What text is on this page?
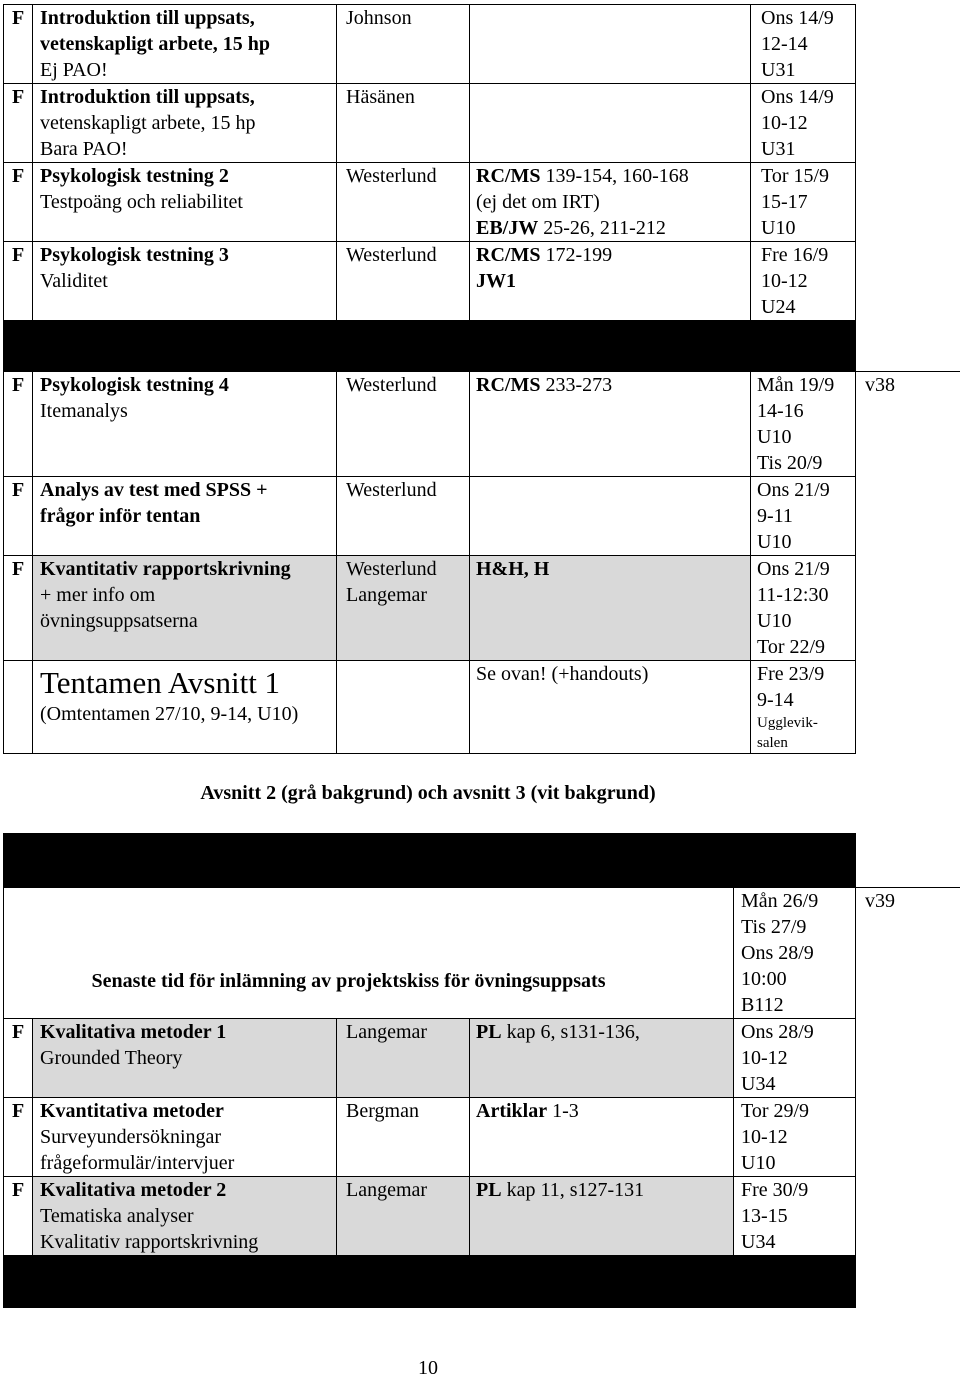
F	Introduktion till uppsats,
vetenskapligt arbete, 15 hp
Ej PAO!	Johnson		Ons 14/9
12-14
U31

F	Introduktion till uppsats,
vetenskapligt arbete, 15 hp
Bara PAO!	Häsänen		Ons 14/9
10-12
U31

F	Psykologisk testning 2
Testpoäng och reliabilitet	Westerlund	RC/MS 139-154, 160-168
(ej det om IRT)
EB/JW 25-26, 211-212	Tor 15/9
15-17
U10

F	Psykologisk testning 3
Validitet	Westerlund	RC/MS 172-199
JW1	Fre 16/9
10-12
U24

F	Psykologisk testning 4
Itemanalys	Westerlund	RC/MS 233-273	Mån 19/9
14-16
U10
Tis 20/9	v38
F	Analys av test med SPSS +
frågor inför tentan	Westerlund		Ons 21/9
9-11
U10	

F	Kvantitativ rapportskrivning
+ mer info om
övningsuppsatserna	Westerlund
Langemar	H&H, H	Ons 21/9
11-12:30
U10
Tor 22/9	

	Tentamen Avsnitt 1
(Omtentamen 27/10, 9-14, U10)		Se ovan! (+handouts)	Fre 23/9
9-14
Ugglevik-
salen	

Avsnitt 2 (grå bakgrund) och avsnitt 3 (vit bakgrund)

Senaste tid för inlämning av projektskiss för övningsuppsats				Mån 26/9
Tis 27/9
Ons 28/9
10:00
B112	v39
F	Kvalitativa metoder 1
Grounded Theory	Langemar	PL kap 6, s131-136,	Ons 28/9
10-12
U34	

F	Kvantitativa metoder
Surveyundersökningar
frågeformulär/intervjuer	Bergman	Artiklar 1-3	Tor 29/9
10-12
U10	

F	Kvalitativa metoder 2
Tematiska analyser
Kvalitativ rapportskrivning	Langemar	PL kap 11, s127-131	Fre 30/9
13-15
U34	

10
